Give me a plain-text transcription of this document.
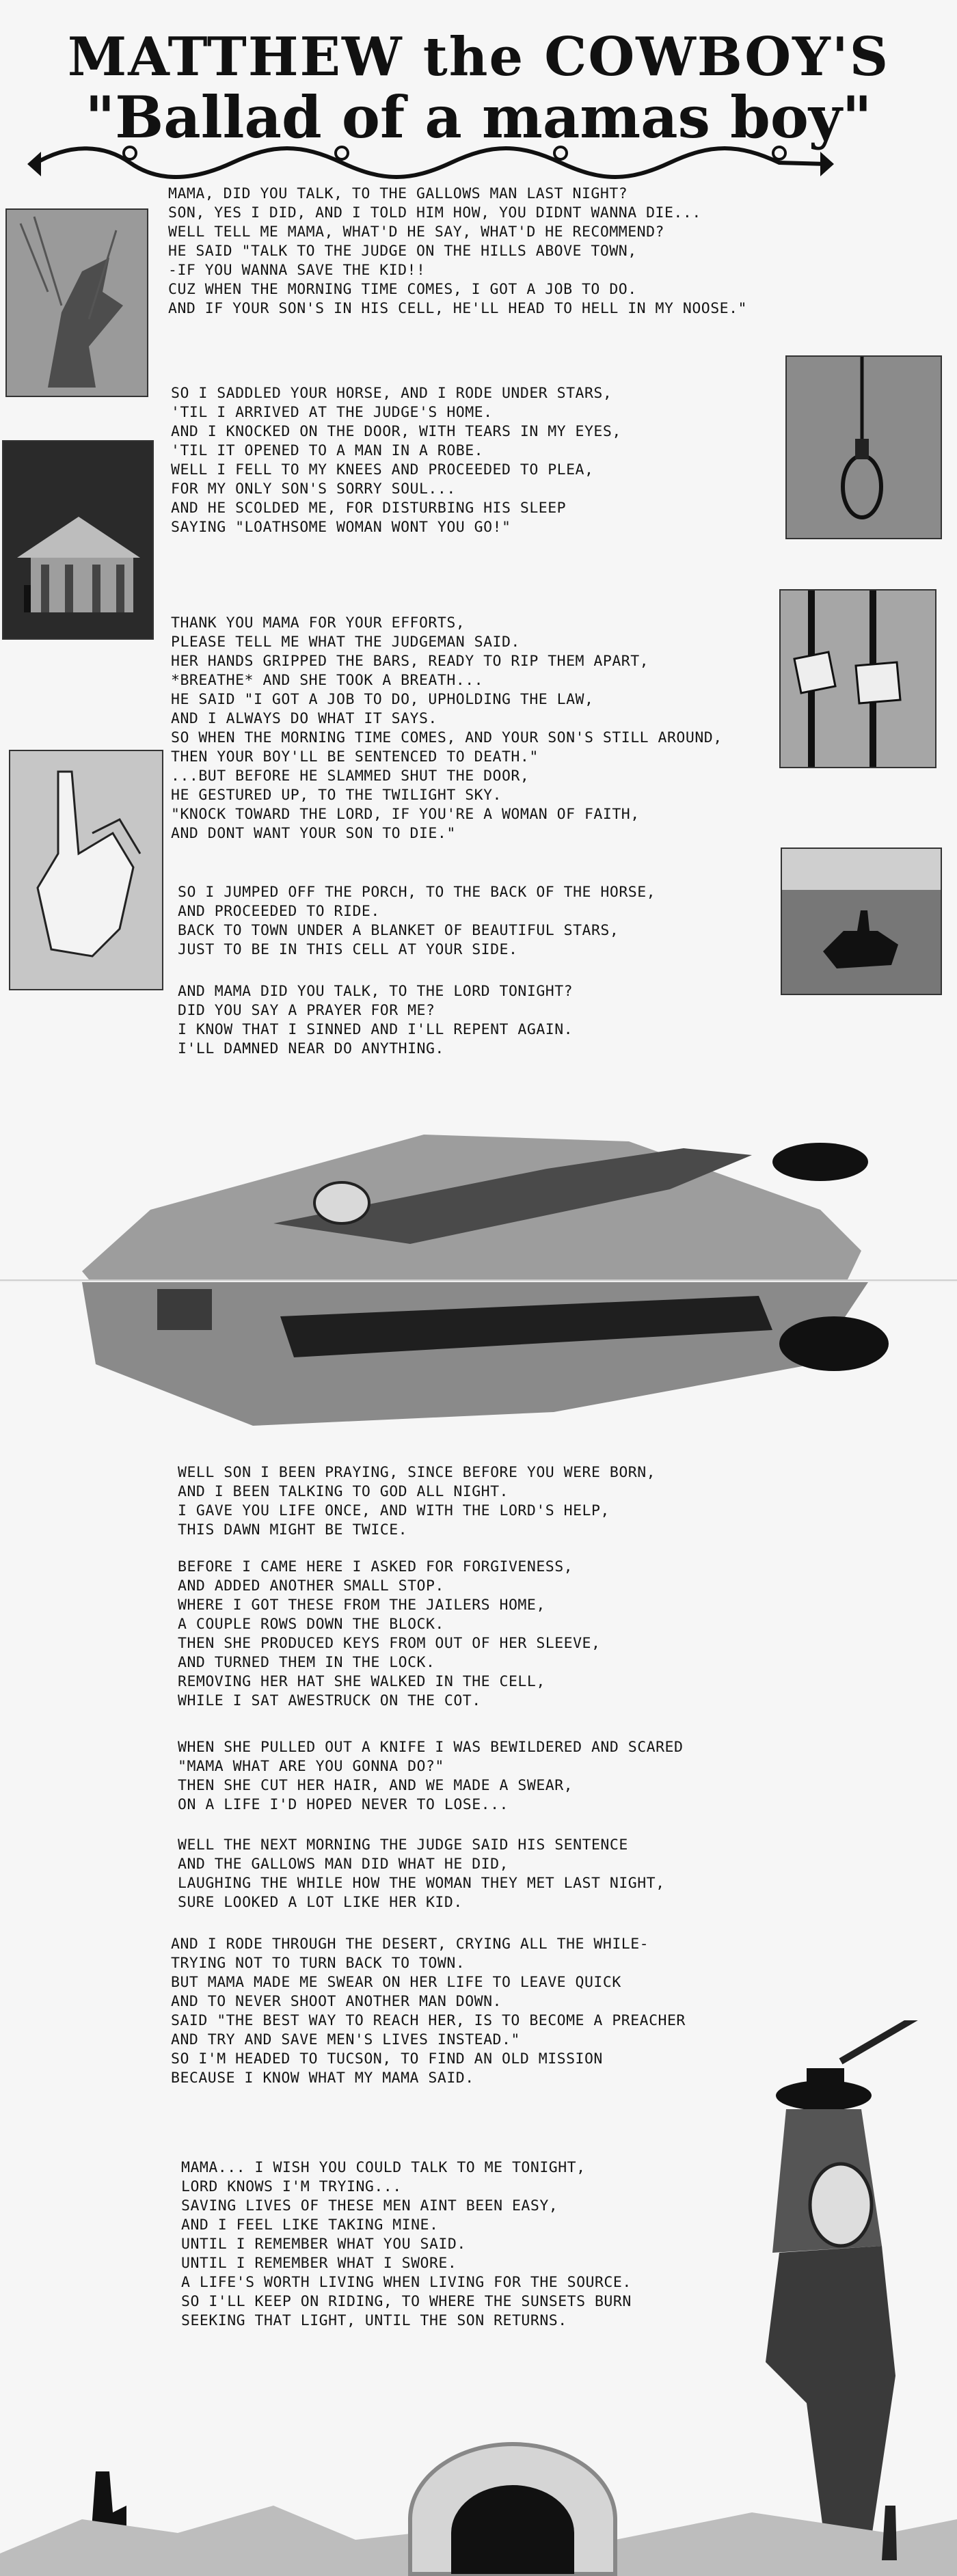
MATTHEW the COWBOY'S
"Ballad of a mamas boy"
MAMA, DID YOU TALK, TO THE GALLOWS MAN LAST NIGHT?
SON, YES I DID, AND I TOLD HIM HOW, YOU DIDNT WANNA DIE...
WELL TELL ME MAMA, WHAT'D HE SAY, WHAT'D HE RECOMMEND?
HE SAID "TALK TO THE JUDGE ON THE HILLS ABOVE TOWN,
-IF YOU WANNA SAVE THE KID!!
CUZ WHEN THE MORNING TIME COMES, I GOT A JOB TO DO.
AND IF YOUR SON'S IN HIS CELL, HE'LL HEAD TO HELL IN MY NOOSE."
SO I SADDLED YOUR HORSE, AND I RODE UNDER STARS,
'TIL I ARRIVED AT THE JUDGE'S HOME.
AND I KNOCKED ON THE DOOR, WITH TEARS IN MY EYES,
'TIL IT OPENED TO A MAN IN A ROBE.
WELL I FELL TO MY KNEES AND PROCEEDED TO PLEA,
FOR MY ONLY SON'S SORRY SOUL...
AND HE SCOLDED ME, FOR DISTURBING HIS SLEEP
SAYING "LOATHSOME WOMAN WONT YOU GO!"
THANK YOU MAMA FOR YOUR EFFORTS,
PLEASE TELL ME WHAT THE JUDGEMAN SAID.
HER HANDS GRIPPED THE BARS, READY TO RIP THEM APART,
*BREATHE* AND SHE TOOK A BREATH...
HE SAID "I GOT A JOB TO DO, UPHOLDING THE LAW,
AND I ALWAYS DO WHAT IT SAYS.
SO WHEN THE MORNING TIME COMES, AND YOUR SON'S STILL AROUND,
THEN YOUR BOY'LL BE SENTENCED TO DEATH."
...BUT BEFORE HE SLAMMED SHUT THE DOOR,
HE GESTURED UP, TO THE TWILIGHT SKY.
"KNOCK TOWARD THE LORD, IF YOU'RE A WOMAN OF FAITH,
AND DONT WANT YOUR SON TO DIE."
SO I JUMPED OFF THE PORCH, TO THE BACK OF THE HORSE,
AND PROCEEDED TO RIDE.
BACK TO TOWN UNDER A BLANKET OF BEAUTIFUL STARS,
JUST TO BE IN THIS CELL AT YOUR SIDE.
AND MAMA DID YOU TALK, TO THE LORD TONIGHT?
DID YOU SAY A PRAYER FOR ME?
I KNOW THAT I SINNED AND I'LL REPENT AGAIN.
I'LL DAMNED NEAR DO ANYTHING.
WELL SON I BEEN PRAYING, SINCE BEFORE YOU WERE BORN,
AND I BEEN TALKING TO GOD ALL NIGHT.
I GAVE YOU LIFE ONCE, AND WITH THE LORD'S HELP,
THIS DAWN MIGHT BE TWICE.
BEFORE I CAME HERE I ASKED FOR FORGIVENESS,
AND ADDED ANOTHER SMALL STOP.
WHERE I GOT THESE FROM THE JAILERS HOME,
A COUPLE ROWS DOWN THE BLOCK.
THEN SHE PRODUCED KEYS FROM OUT OF HER SLEEVE,
AND TURNED THEM IN THE LOCK.
REMOVING HER HAT SHE WALKED IN THE CELL,
WHILE I SAT AWESTRUCK ON THE COT.
WHEN SHE PULLED OUT A KNIFE I WAS BEWILDERED AND SCARED
"MAMA WHAT ARE YOU GONNA DO?"
THEN SHE CUT HER HAIR, AND WE MADE A SWEAR,
ON A LIFE I'D HOPED NEVER TO LOSE...
WELL THE NEXT MORNING THE JUDGE SAID HIS SENTENCE
AND THE GALLOWS MAN DID WHAT HE DID,
LAUGHING THE WHILE HOW THE WOMAN THEY MET LAST NIGHT,
SURE LOOKED A LOT LIKE HER KID.
AND I RODE THROUGH THE DESERT, CRYING ALL THE WHILE-
TRYING NOT TO TURN BACK TO TOWN.
BUT MAMA MADE ME SWEAR ON HER LIFE TO LEAVE QUICK
AND TO NEVER SHOOT ANOTHER MAN DOWN.
SAID "THE BEST WAY TO REACH HER, IS TO BECOME A PREACHER
AND TRY AND SAVE MEN'S LIVES INSTEAD."
SO I'M HEADED TO TUCSON, TO FIND AN OLD MISSION
BECAUSE I KNOW WHAT MY MAMA SAID.
MAMA... I WISH YOU COULD TALK TO ME TONIGHT,
LORD KNOWS I'M TRYING...
SAVING LIVES OF THESE MEN AINT BEEN EASY,
AND I FEEL LIKE TAKING MINE.
UNTIL I REMEMBER WHAT YOU SAID.
UNTIL I REMEMBER WHAT I SWORE.
A LIFE'S WORTH LIVING WHEN LIVING FOR THE SOURCE.
SO I'LL KEEP ON RIDING, TO WHERE THE SUNSETS BURN
SEEKING THAT LIGHT, UNTIL THE SON RETURNS.
